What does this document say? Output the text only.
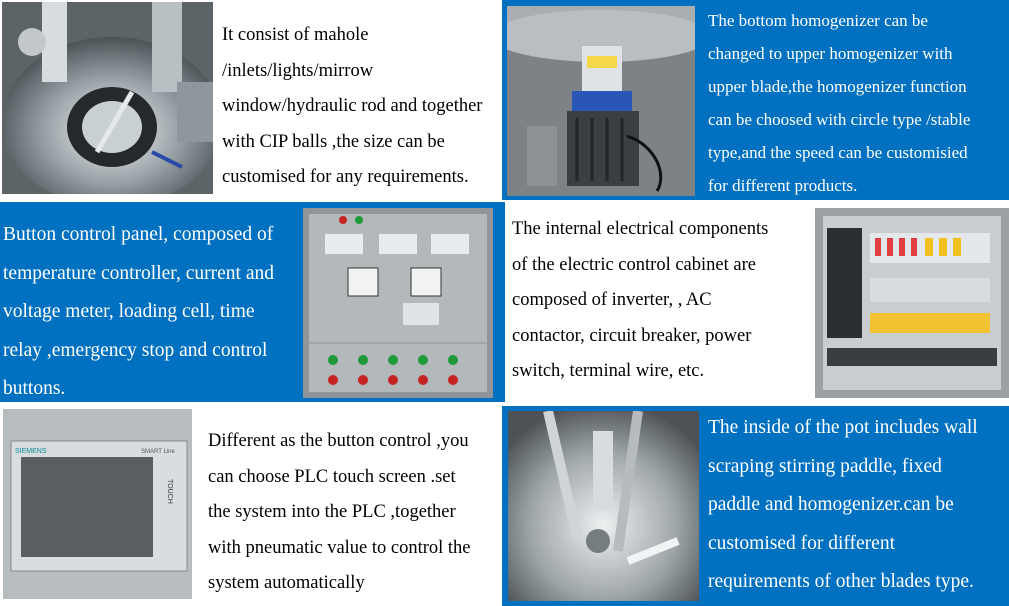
It consist of mahole
/inlets/lights/mirrow
window/hydraulic rod and together
with CIP balls ,the size can be
customised for any requirements.
The bottom homogenizer can be
changed to upper homogenizer with
upper blade,the homogenizer function
can be choosed with circle type /stable
type,and the speed can be customisied
for different products.
Button control panel, composed of
temperature controller, current and
voltage meter, loading cell, time
relay ,emergency stop and control
buttons.
The internal electrical components
of the electric control cabinet are
composed of inverter, , AC
contactor, circuit breaker, power
switch, terminal wire, etc.
SIEMENS	SMART Line
TOUCH
Different as the button control ,you
can choose PLC touch screen .set
the system into the PLC ,together
with pneumatic value to control the
system automatically
The inside of the pot includes wall
scraping stirring paddle, fixed
paddle and homogenizer.can be
customised for different
requirements of other blades type.
